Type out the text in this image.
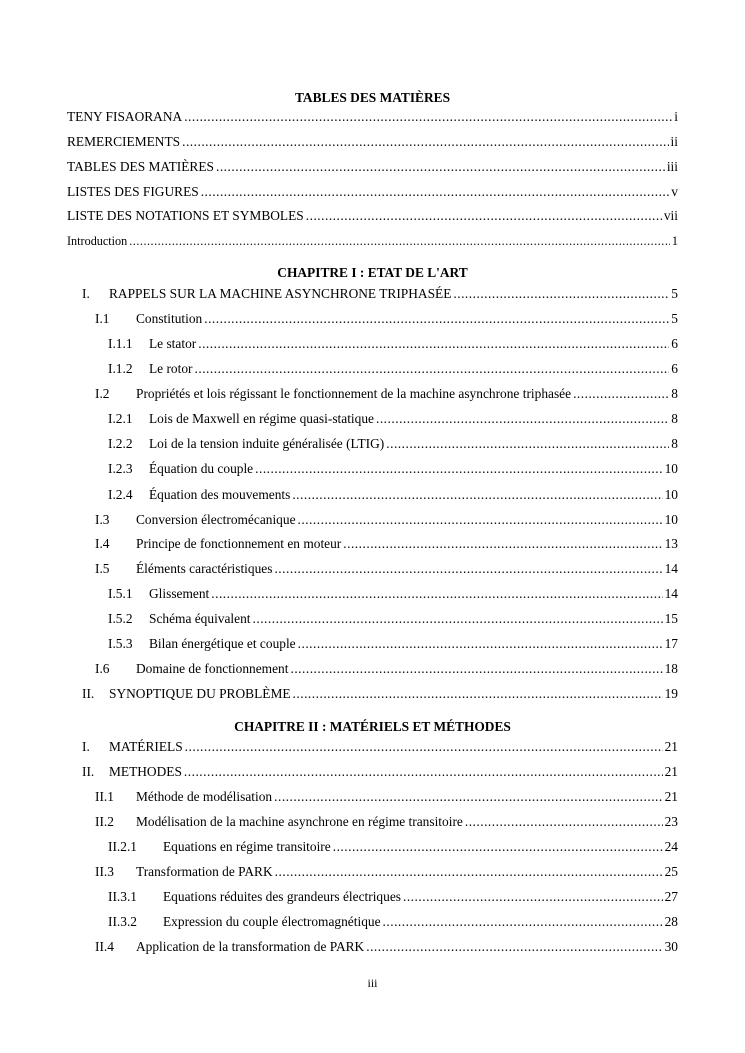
TABLES DES MATIÈRES
TENY FISAORANA .....	i
REMERCIEMENTS .....	ii
TABLES DES MATIÈRES .....	iii
LISTES DES FIGURES .....	v
LISTE DES NOTATIONS ET SYMBOLES .....	vii
Introduction .....	1
CHAPITRE I : ETAT DE L'ART
I.	RAPPELS SUR LA MACHINE ASYNCHRONE TRIPHASÉE .....	5
I.1	Constitution .....	5
I.1.1	Le stator .....	6
I.1.2	Le rotor .....	6
I.2	Propriétés et lois régissant le fonctionnement de la machine asynchrone triphasée .....	8
I.2.1	Lois de Maxwell en régime quasi-statique .....	8
I.2.2	Loi de la tension induite généralisée (LTIG) .....	8
I.2.3	Équation du couple .....	10
I.2.4	Équation des mouvements .....	10
I.3	Conversion électromécanique .....	10
I.4	Principe de fonctionnement en moteur .....	13
I.5	Éléments caractéristiques .....	14
I.5.1	Glissement .....	14
I.5.2	Schéma équivalent .....	15
I.5.3	Bilan énergétique et couple .....	17
I.6	Domaine de fonctionnement .....	18
II.	SYNOPTIQUE DU PROBLÈME .....	19
CHAPITRE II : MATÉRIELS ET MÉTHODES
I.	MATÉRIELS .....	21
II.	METHODES .....	21
II.1	Méthode de modélisation .....	21
II.2	Modélisation de la machine asynchrone en régime transitoire .....	23
II.2.1	Equations en régime transitoire .....	24
II.3	Transformation de PARK .....	25
II.3.1	Equations réduites des grandeurs électriques .....	27
II.3.2	Expression du couple électromagnétique .....	28
II.4	Application de la transformation de PARK .....	30
iii
